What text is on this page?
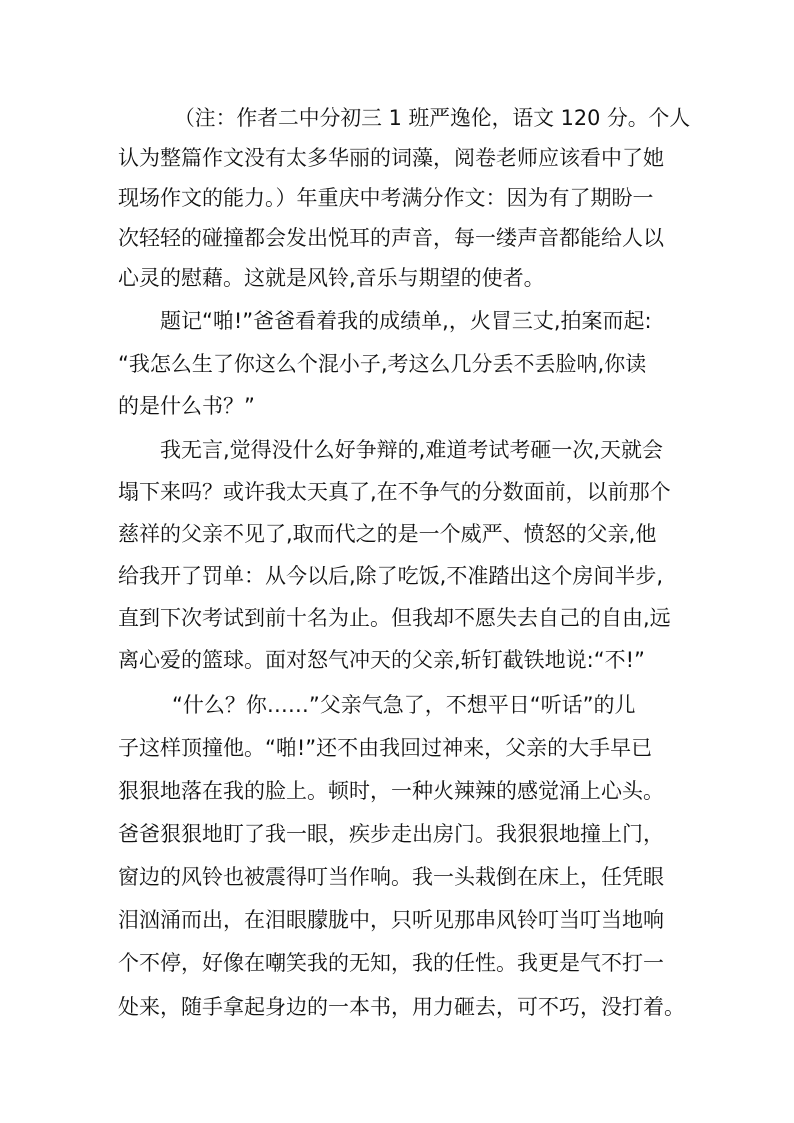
（注：作者二中分初三 1 班严逸伦，语文 120 分。个人
认为整篇作文没有太多华丽的词藻，阅卷老师应该看中了她
现场作文的能力。）年重庆中考满分作文：因为有了期盼一
次轻轻的碰撞都会发出悦耳的声音，每一缕声音都能给人以
心灵的慰藉。这就是风铃,音乐与期望的使者。
题记“啪!”爸爸看着我的成绩单,，火冒三丈,拍案而起:
“我怎么生了你这么个混小子,考这么几分丢不丢脸呐,你读
的是什么书？”
我无言,觉得没什么好争辩的,难道考试考砸一次,天就会
塌下来吗？或许我太天真了,在不争气的分数面前，以前那个
慈祥的父亲不见了,取而代之的是一个威严、愤怒的父亲,他
给我开了罚单：从今以后,除了吃饭,不准踏出这个房间半步,
直到下次考试到前十名为止。但我却不愿失去自己的自由,远
离心爱的篮球。面对怒气冲天的父亲,斩钉截铁地说:“不!”
“什么？你……”父亲气急了，不想平日“听话”的儿
子这样顶撞他。“啪!”还不由我回过神来，父亲的大手早已
狠狠地落在我的脸上。顿时，一种火辣辣的感觉涌上心头。
爸爸狠狠地盯了我一眼，疾步走出房门。我狠狠地撞上门，
窗边的风铃也被震得叮当作响。我一头栽倒在床上，任凭眼
泪汹涌而出，在泪眼朦胧中，只听见那串风铃叮当叮当地响
个不停，好像在嘲笑我的无知，我的任性。我更是气不打一
处来，随手拿起身边的一本书，用力砸去，可不巧，没打着。
